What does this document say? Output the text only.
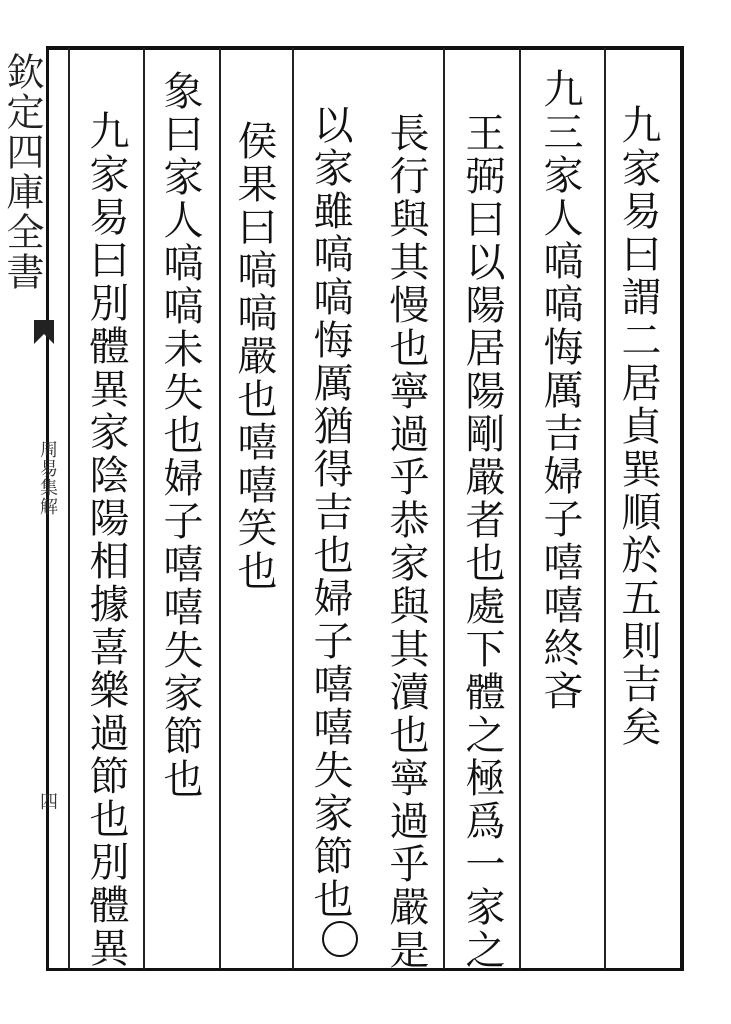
欽定四庫全書
周易集解
四
九家易曰謂二居貞巽順於五則吉矣
九三家人嗃嗃悔厲吉婦子嘻嘻終吝
王弼曰以陽居陽剛嚴者也處下體之極爲一家之
長行與其慢也寧過乎恭家與其瀆也寧過乎嚴是
以家雖嗃嗃悔厲猶得吉也婦子嘻嘻失家節也
侯果曰嗃嗃嚴也嘻嘻笑也
象曰家人嗃嗃未失也婦子嘻嘻失家節也
九家易曰別體異家陰陽相據喜樂過節也別體異
